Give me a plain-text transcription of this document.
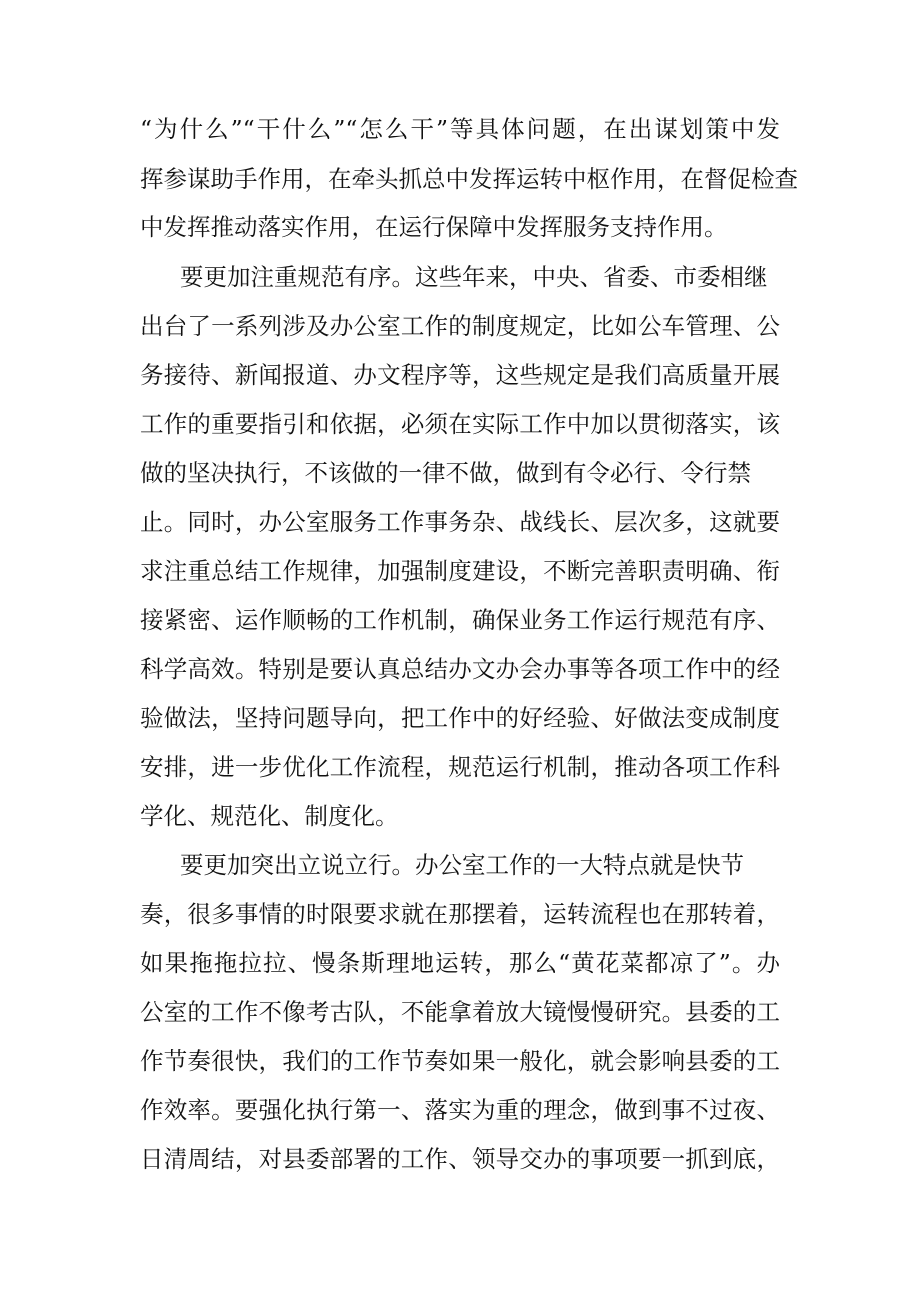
“为什么”“干什么”“怎么干”等具体问题，在出谋划策中发
挥参谋助手作用，在牵头抓总中发挥运转中枢作用，在督促检查
中发挥推动落实作用，在运行保障中发挥服务支持作用。
要更加注重规范有序。这些年来，中央、省委、市委相继
出台了一系列涉及办公室工作的制度规定，比如公车管理、公
务接待、新闻报道、办文程序等，这些规定是我们高质量开展
工作的重要指引和依据，必须在实际工作中加以贯彻落实，该
做的坚决执行，不该做的一律不做，做到有令必行、令行禁
止。同时，办公室服务工作事务杂、战线长、层次多，这就要
求注重总结工作规律，加强制度建设，不断完善职责明确、衔
接紧密、运作顺畅的工作机制，确保业务工作运行规范有序、
科学高效。特别是要认真总结办文办会办事等各项工作中的经
验做法，坚持问题导向，把工作中的好经验、好做法变成制度
安排，进一步优化工作流程，规范运行机制，推动各项工作科
学化、规范化、制度化。
要更加突出立说立行。办公室工作的一大特点就是快节
奏，很多事情的时限要求就在那摆着，运转流程也在那转着，
如果拖拖拉拉、慢条斯理地运转，那么“黄花菜都凉了”。办
公室的工作不像考古队，不能拿着放大镜慢慢研究。县委的工
作节奏很快，我们的工作节奏如果一般化，就会影响县委的工
作效率。要强化执行第一、落实为重的理念，做到事不过夜、
日清周结，对县委部署的工作、领导交办的事项要一抓到底，
